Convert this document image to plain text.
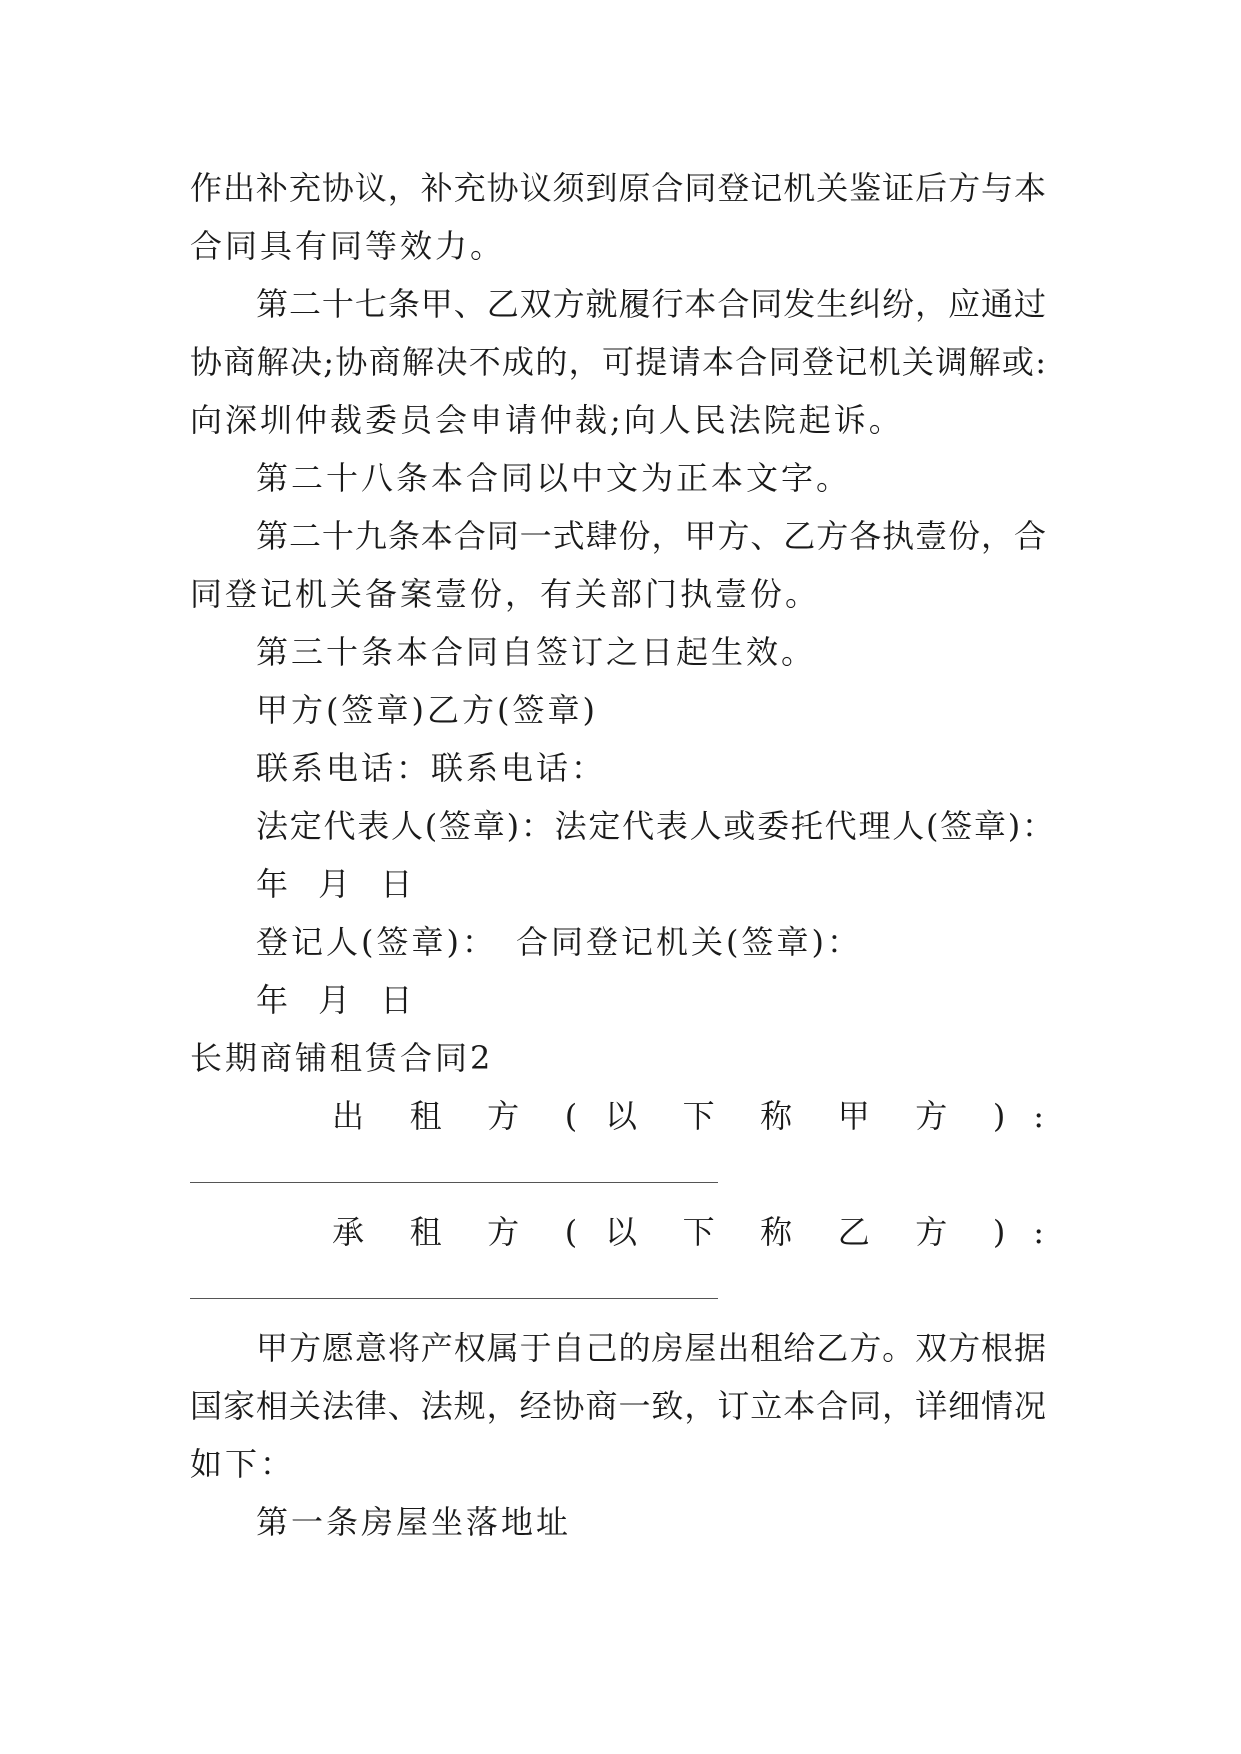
作出补充协议，补充协议须到原合同登记机关鉴证后方与本
合同具有同等效力。
第二十七条甲、乙双方就履行本合同发生纠纷，应通过
协商解决;协商解决不成的，可提请本合同登记机关调解或:
向深圳仲裁委员会申请仲裁;向人民法院起诉。
第二十八条本合同以中文为正本文字。
第二十九条本合同一式肆份，甲方、乙方各执壹份，合
同登记机关备案壹份，有关部门执壹份。
第三十条本合同自签订之日起生效。
甲方(签章)乙方(签章)
联系电话：联系电话：
法定代表人(签章)：法定代表人或委托代理人(签章)：
年 月 日
登记人(签章)：　合同登记机关(签章)：
年 月 日
长期商铺租赁合同2
出 租 方 ( 以 下 称 甲 方 ) :
承 租 方 ( 以 下 称 乙 方 ) :
甲方愿意将产权属于自己的房屋出租给乙方。双方根据
国家相关法律、法规，经协商一致，订立本合同，详细情况
如下：
第一条房屋坐落地址
